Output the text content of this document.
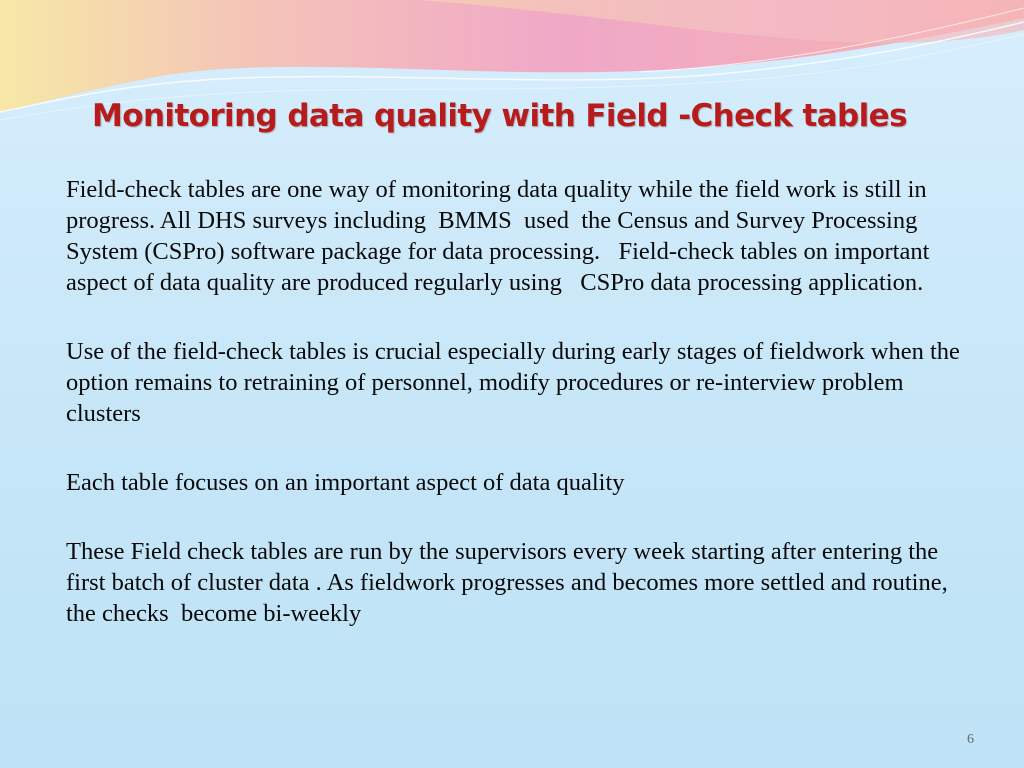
Monitoring data quality with Field -Check tables

Field-check tables are one way of monitoring data quality while the field work is still in progress. All DHS surveys including  BMMS  used  the Census and Survey Processing System (CSPro) software package for data processing.   Field-check tables on important aspect of data quality are produced regularly using   CSPro data processing application.

Use of the field-check tables is crucial especially during early stages of fieldwork when the option remains to retraining of personnel, modify procedures or re-interview problem clusters

Each table focuses on an important aspect of data quality

These Field check tables are run by the supervisors every week starting after entering the first batch of cluster data . As fieldwork progresses and becomes more settled and routine, the checks  become bi-weekly

6
